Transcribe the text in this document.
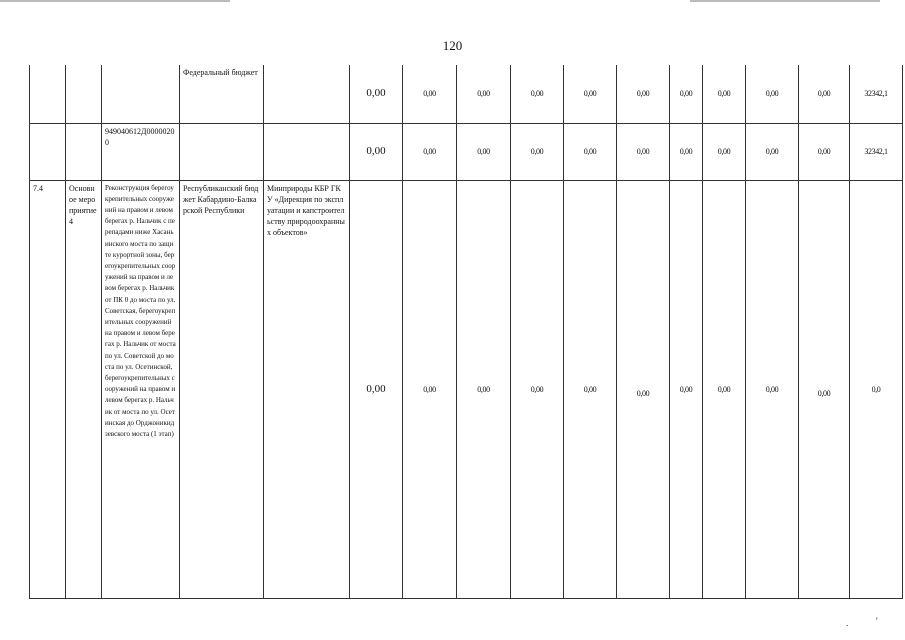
120
			Федеральный бюджет		0,00	0,00	0,00	0,00	0,00	0,00	0,00	0,00	0,00	0,00	32342,1
		949040612Д00000200			0,00	0,00	0,00	0,00	0,00	0,00	0,00	0,00	0,00	0,00	32342,1
7.4	Основное мероприятие 4	Реконструкция берегоукрепительных сооружений на правом и левом берегах р. Нальчик с перепадами ниже Хасаньинского моста по защите курортной зоны, берегоукрепительных сооружений на правом и левом берегах р. Нальчик от ПК 0 до моста по ул. Советская, берегоукрепительных сооружений на правом и левом берегах р. Нальчик от моста по ул. Советской до моста по ул. Осетинской, берегоукрепительных сооружений на правом и левом берегах р. Нальчик от моста по ул. Осетинская до Орджоникидзевского моста (1 этап)	Республиканский бюджет Кабардино-Балкарской Республики	Минприроды КБР ГКУ «Дирекция по эксплуатации и капстроительству природоохранных объектов»	0,00	0,00	0,00	0,00	0,00	0,00	0,00	0,00	0,00	0,00	0,0
.	'
